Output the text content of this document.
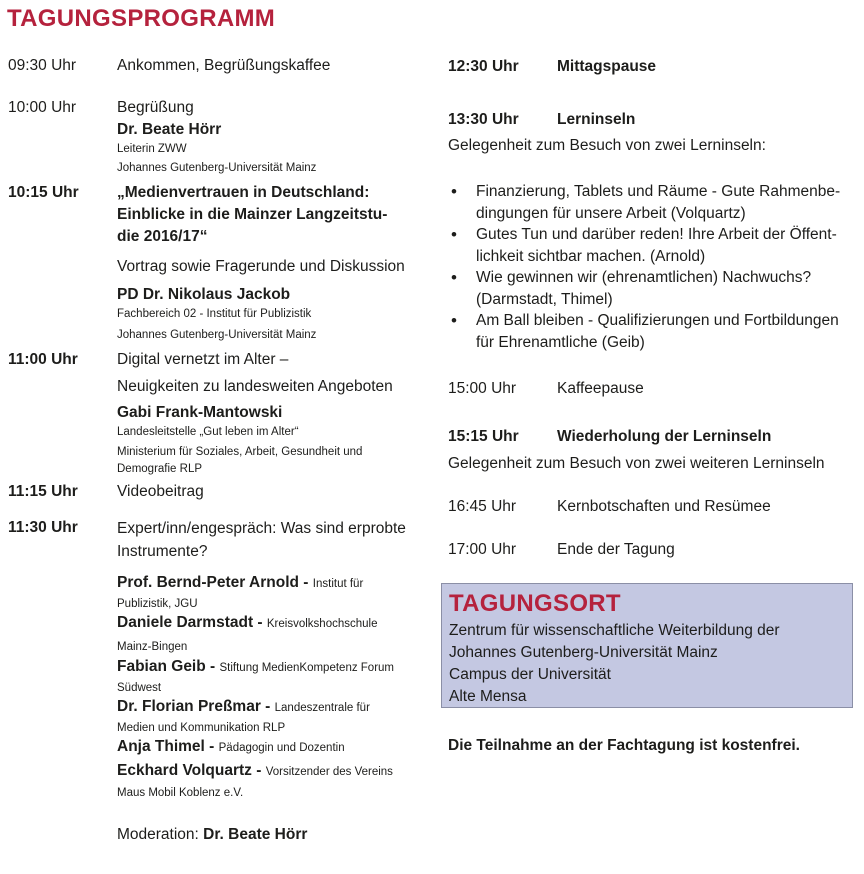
TAGUNGSPROGRAMM
09:30 Uhr	Ankommen, Begrüßungskaffee
10:00 Uhr	Begrüßung
Dr. Beate Hörr
Leiterin ZWW
Johannes Gutenberg-Universität Mainz
10:15 Uhr „Medienvertrauen in Deutschland:
Einblicke in die Mainzer Langzeitstu-
die 2016/17“
Vortrag sowie Fragerunde und Diskussion
PD Dr. Nikolaus Jackob
Fachbereich 02 - Institut für Publizistik
Johannes Gutenberg-Universität Mainz
11:00 Uhr	Digital vernetzt im Alter –
Neuigkeiten zu landesweiten Angeboten
Gabi Frank-Mantowski
Landesleitstelle „Gut leben im Alter“
Ministerium für Soziales, Arbeit, Gesundheit und
Demografie RLP
11:15 Uhr	Videobeitrag
11:30 Uhr	Expert/inn/engespräch: Was sind erprobte
Instrumente?
Prof. Bernd-Peter Arnold - Institut für
Publizistik, JGU
Daniele Darmstadt - Kreisvolkshochschule
Mainz-Bingen
Fabian Geib - Stiftung MedienKompetenz Forum
Südwest
Dr. Florian Preßmar - Landeszentrale für
Medien und Kommunikation RLP
Anja Thimel - Pädagogin und Dozentin
Eckhard Volquartz - Vorsitzender des Vereins
Maus Mobil Koblenz e.V.
Moderation: Dr. Beate Hörr
12:30 Uhr Mittagspause
13:30 Uhr Lerninseln
Gelegenheit zum Besuch von zwei Lerninseln:
• Finanzierung, Tablets und Räume - Gute Rahmenbe-
dingungen für unsere Arbeit (Volquartz)
• Gutes Tun und darüber reden! Ihre Arbeit der Öffent-
lichkeit sichtbar machen. (Arnold)
• Wie gewinnen wir (ehrenamtlichen) Nachwuchs?
(Darmstadt, Thimel)
• Am Ball bleiben - Qualifizierungen und Fortbildungen
für Ehrenamtliche (Geib)
15:00 Uhr	Kaffeepause
15:15 Uhr Wiederholung der Lerninseln
Gelegenheit zum Besuch von zwei weiteren Lerninseln
16:45 Uhr	Kernbotschaften und Resümee
17:00 Uhr	Ende der Tagung
TAGUNGSORT
Zentrum für wissenschaftliche Weiterbildung der
Johannes Gutenberg-Universität Mainz
Campus der Universität
Alte Mensa
Die Teilnahme an der Fachtagung ist kostenfrei.
